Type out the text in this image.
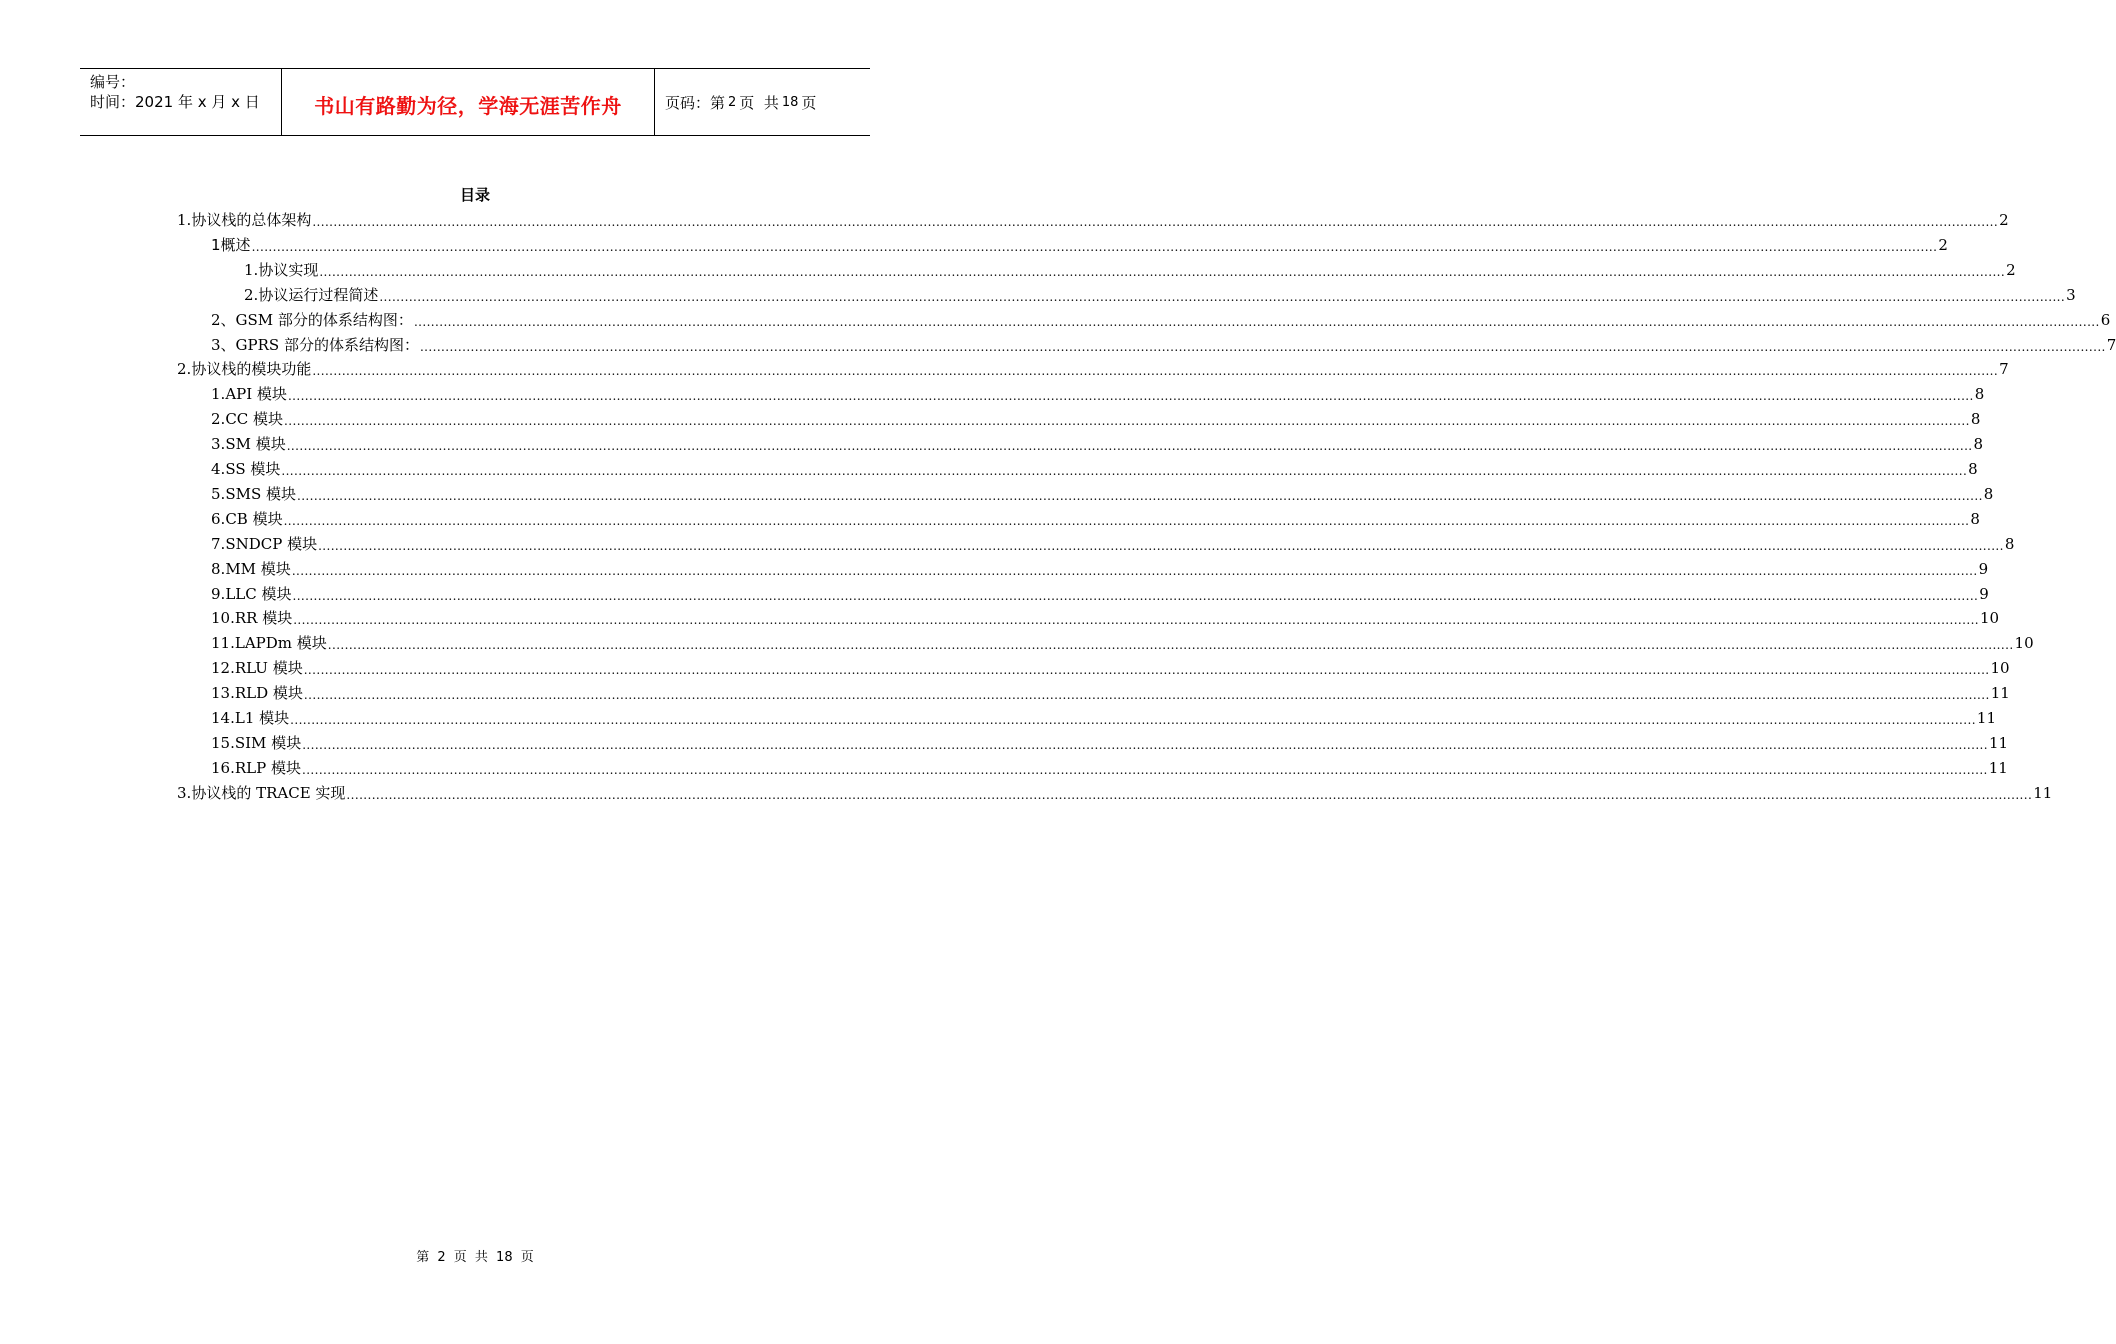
编号：
时间：2021 年 x 月 x 日	书山有路勤为径，学海无涯苦作舟	页码：第 2 页  共 18 页
目录
1. 协议栈的总体架构 ................................................................................................................................................................................................................................................................................................................................................................................................................ 2
1 概述 ................................................................................................................................................................................................................................................................................................................................................................................................................ 2
1. 协议实现 ................................................................................................................................................................................................................................................................................................................................................................................................................ 2
2. 协议运行过程简述 ................................................................................................................................................................................................................................................................................................................................................................................................................ 3
2、GSM 部分的体系结构图： ................................................................................................................................................................................................................................................................................................................................................................................................................ 6
3、GPRS 部分的体系结构图： ................................................................................................................................................................................................................................................................................................................................................................................................................ 7
2. 协议栈的模块功能 ................................................................................................................................................................................................................................................................................................................................................................................................................ 7
1. API 模块 ................................................................................................................................................................................................................................................................................................................................................................................................................ 8
2. CC 模块 ................................................................................................................................................................................................................................................................................................................................................................................................................ 8
3. SM 模块 ................................................................................................................................................................................................................................................................................................................................................................................................................ 8
4. SS 模块 ................................................................................................................................................................................................................................................................................................................................................................................................................ 8
5. SMS 模块 ................................................................................................................................................................................................................................................................................................................................................................................................................ 8
6. CB 模块 ................................................................................................................................................................................................................................................................................................................................................................................................................ 8
7. SNDCP 模块 ................................................................................................................................................................................................................................................................................................................................................................................................................ 8
8. MM 模块 ................................................................................................................................................................................................................................................................................................................................................................................................................ 9
9. LLC 模块 ................................................................................................................................................................................................................................................................................................................................................................................................................ 9
10. RR 模块 ................................................................................................................................................................................................................................................................................................................................................................................................................ 10
11. LAPDm 模块 ................................................................................................................................................................................................................................................................................................................................................................................................................ 10
12. RLU 模块 ................................................................................................................................................................................................................................................................................................................................................................................................................ 10
13. RLD 模块 ................................................................................................................................................................................................................................................................................................................................................................................................................ 11
14. L1 模块 ................................................................................................................................................................................................................................................................................................................................................................................................................ 11
15. SIM 模块 ................................................................................................................................................................................................................................................................................................................................................................................................................ 11
16. RLP 模块 ................................................................................................................................................................................................................................................................................................................................................................................................................ 11
3. 协议栈的 TRACE 实现 ................................................................................................................................................................................................................................................................................................................................................................................................................ 11
第 2 页 共 18 页
